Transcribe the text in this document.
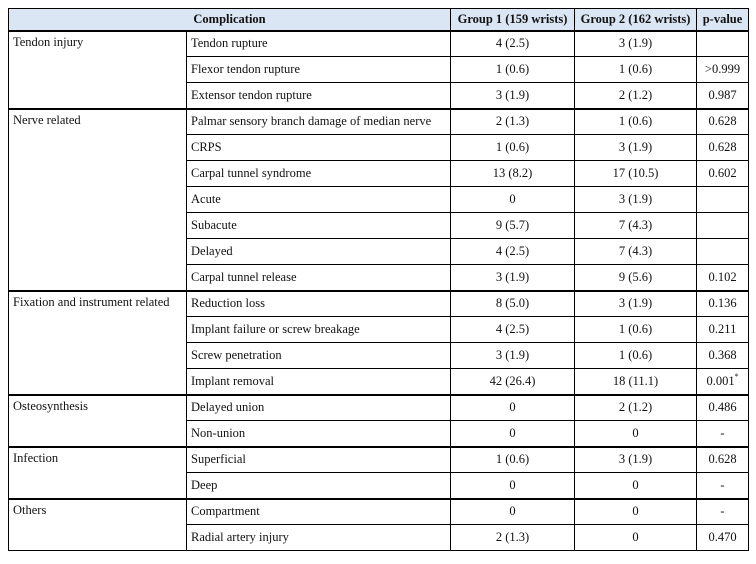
Complication		Group 1 (159 wrists)	Group 2 (162 wrists)	p-value
Tendon injury	Tendon rupture	4 (2.5)	3 (1.9)	
	Flexor tendon rupture	1 (0.6)	1 (0.6)	>0.999
	Extensor tendon rupture	3 (1.9)	2 (1.2)	0.987
Nerve related	Palmar sensory branch damage of median nerve	2 (1.3)	1 (0.6)	0.628
	CRPS	1 (0.6)	3 (1.9)	0.628
	Carpal tunnel syndrome	13 (8.2)	17 (10.5)	0.602
	Acute	0	3 (1.9)	
	Subacute	9 (5.7)	7 (4.3)	
	Delayed	4 (2.5)	7 (4.3)	
	Carpal tunnel release	3 (1.9)	9 (5.6)	0.102
Fixation and instrument related	Reduction loss	8 (5.0)	3 (1.9)	0.136
	Implant failure or screw breakage	4 (2.5)	1 (0.6)	0.211
	Screw penetration	3 (1.9)	1 (0.6)	0.368
	Implant removal	42 (26.4)	18 (11.1)	0.001*
Osteosynthesis	Delayed union	0	2 (1.2)	0.486
	Non-union	0	0	-
Infection	Superficial	1 (0.6)	3 (1.9)	0.628
	Deep	0	0	-
Others	Compartment	0	0	-
	Radial artery injury	2 (1.3)	0	0.470
